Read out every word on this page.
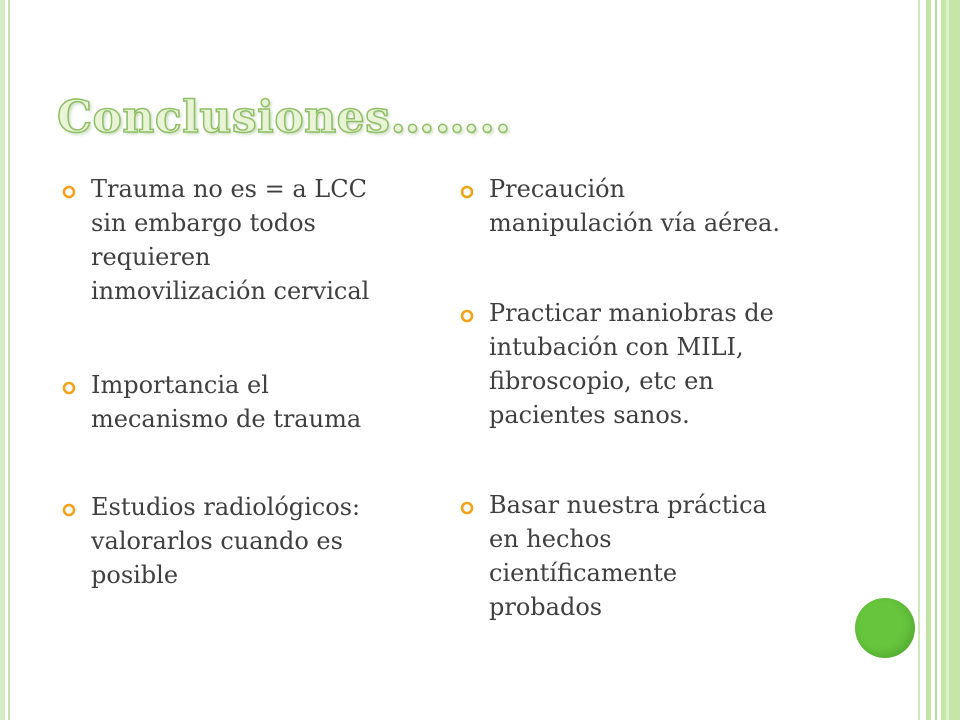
Conclusiones……..
Trauma no es = a LCC
sin embargo todos
requieren
inmovilización cervical
Importancia el
mecanismo de trauma
Estudios radiológicos:
valorarlos cuando es
posible
Precaución
manipulación vía aérea.
Practicar maniobras de
intubación con MILI,
fibroscopio, etc en
pacientes sanos.
Basar nuestra práctica
en hechos
científicamente
probados
